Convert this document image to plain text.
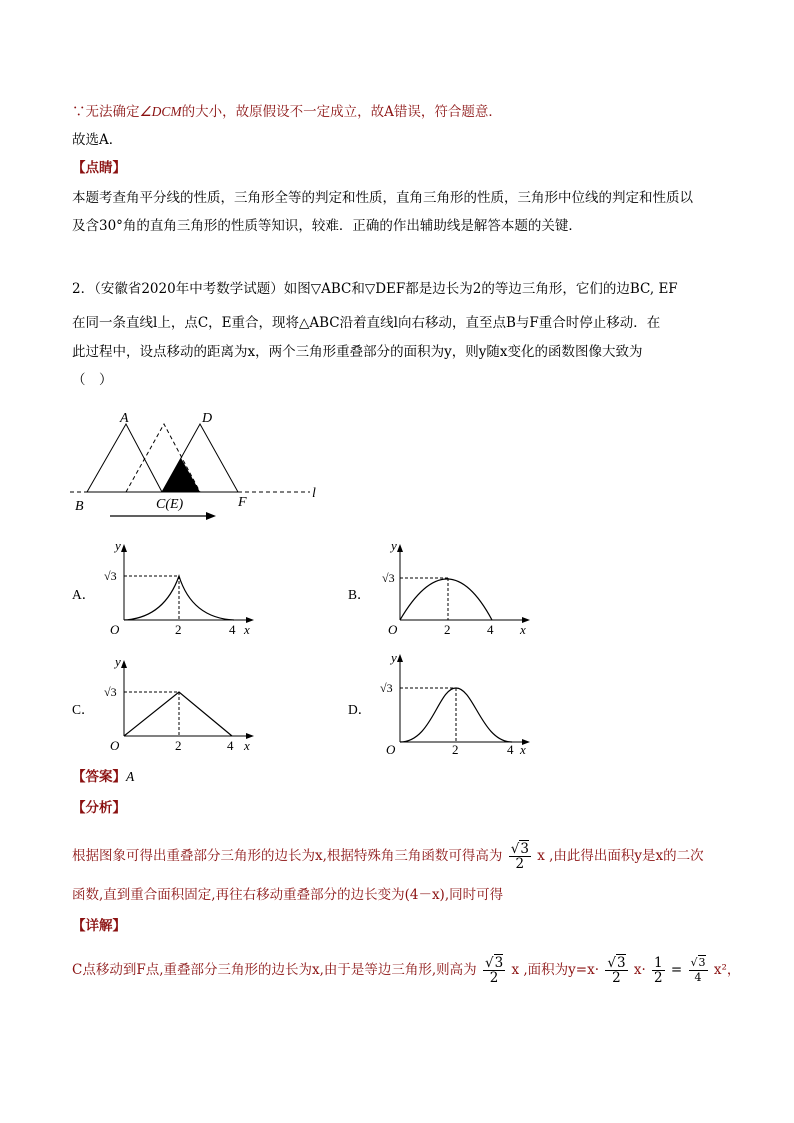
∵无法确定∠DCM的大小，故原假设不一定成立，故A错误，符合题意．
故选A．
【点睛】
本题考查角平分线的性质，三角形全等的判定和性质，直角三角形的性质，三角形中位线的判定和性质以
及含30°角的直角三角形的性质等知识，较难．正确的作出辅助线是解答本题的关键．
2．（安徽省2020年中考数学试题）如图▽ABC和▽DEF都是边长为2的等边三角形，它们的边BC, EF
在同一条直线l上，点C，E重合，现将△ABC沿着直线l向右移动，直至点B与F重合时停止移动．在
此过程中，设点移动的距离为x，两个三角形重叠部分的面积为y，则y随x变化的函数图像大致为
（　）
A	D
B	C(E)	F
l
A．	B．
C．	D．
y
x
O
√3
2	4
y
x
O
√3
2	4
y
x
O
√3
2	4
y
x
O
√3
2	4
【答案】A
【分析】
根据图象可得出重叠部分三角形的边长为x,根据特殊角三角函数可得高为 $\frac{√3}{2}$ x ,由此得出面积y是x的二次
函数,直到重合面积固定,再往右移动重叠部分的边长变为(4－x),同时可得
【详解】
C点移动到F点,重叠部分三角形的边长为x,由于是等边三角形,则高为 $\frac{√3}{2}$ x ,面积为$y=x\cdot \frac{√3}{2} x\cdot \frac{1}{2} = \frac{√3}{4} x^2$，
